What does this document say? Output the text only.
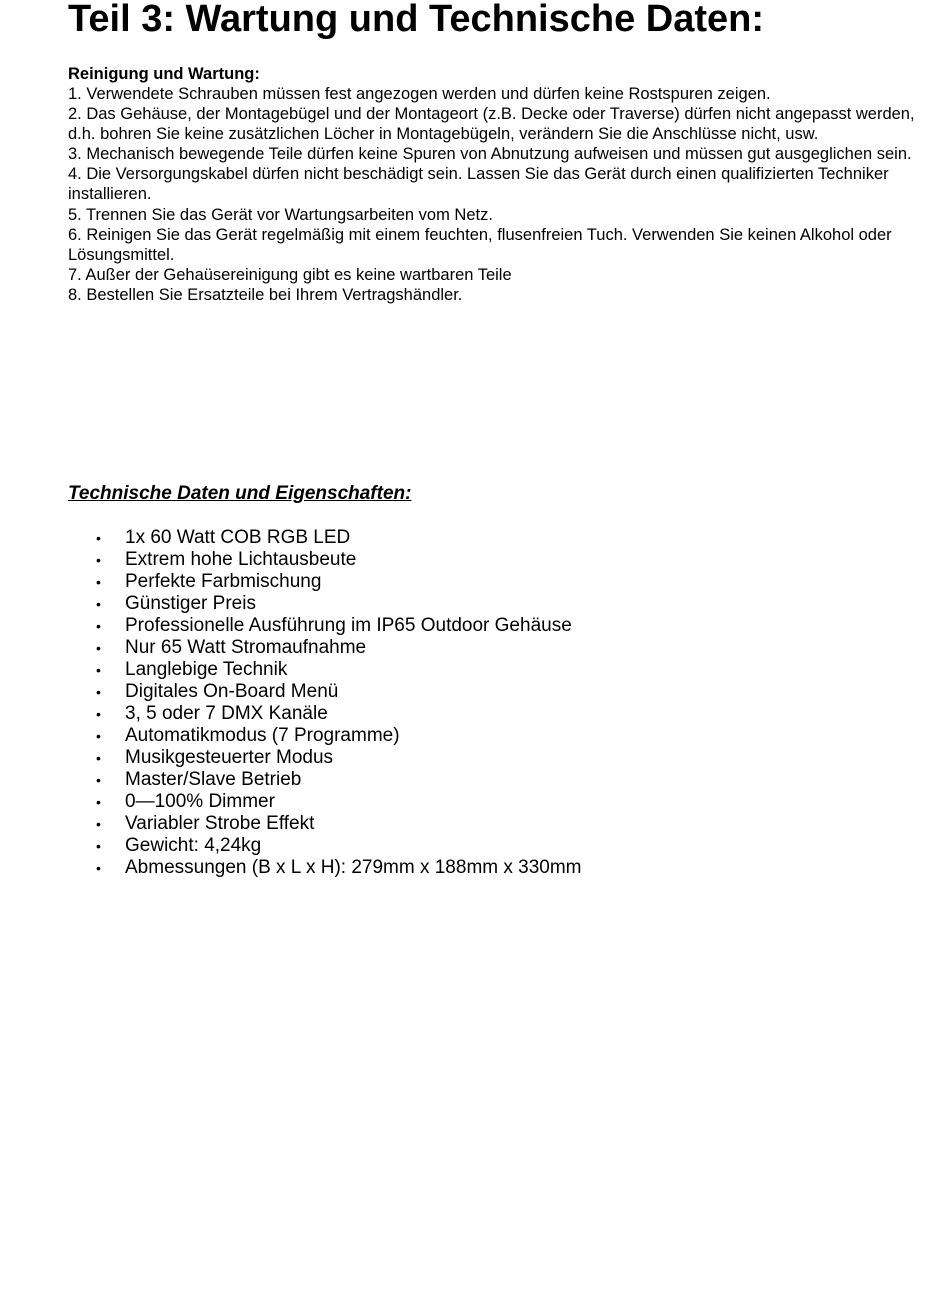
Teil 3: Wartung und Technische Daten:
Reinigung und Wartung:
1. Verwendete Schrauben müssen fest angezogen werden und dürfen keine Rostspuren zeigen.
2. Das Gehäuse, der Montagebügel und der Montageort (z.B. Decke oder Traverse) dürfen nicht angepasst werden, d.h. bohren Sie keine zusätzlichen Löcher in Montagebügeln, verändern Sie die Anschlüsse nicht, usw.
3. Mechanisch bewegende Teile dürfen keine Spuren von Abnutzung aufweisen und müssen gut ausgeglichen sein.
4. Die Versorgungskabel dürfen nicht beschädigt sein. Lassen Sie das Gerät durch einen qualifizierten Techniker installieren.
5. Trennen Sie das Gerät vor Wartungsarbeiten vom Netz.
6. Reinigen Sie das Gerät regelmäßig mit einem feuchten, flusenfreien Tuch. Verwenden Sie keinen Alkohol oder Lösungsmittel.
7. Außer der Gehaüsereinigung gibt es keine wartbaren Teile
8. Bestellen Sie Ersatzteile bei Ihrem Vertragshändler.
Technische Daten und Eigenschaften:
• 1x 60 Watt COB RGB LED
• Extrem hohe Lichtausbeute
• Perfekte Farbmischung
• Günstiger Preis
• Professionelle Ausführung im IP65 Outdoor Gehäuse
• Nur 65 Watt Stromaufnahme
• Langlebige Technik
• Digitales On-Board Menü
• 3, 5 oder 7 DMX Kanäle
• Automatikmodus (7 Programme)
• Musikgesteuerter Modus
• Master/Slave Betrieb
• 0—100% Dimmer
• Variabler Strobe Effekt
• Gewicht: 4,24kg
• Abmessungen (B x L x H): 279mm x 188mm x 330mm
